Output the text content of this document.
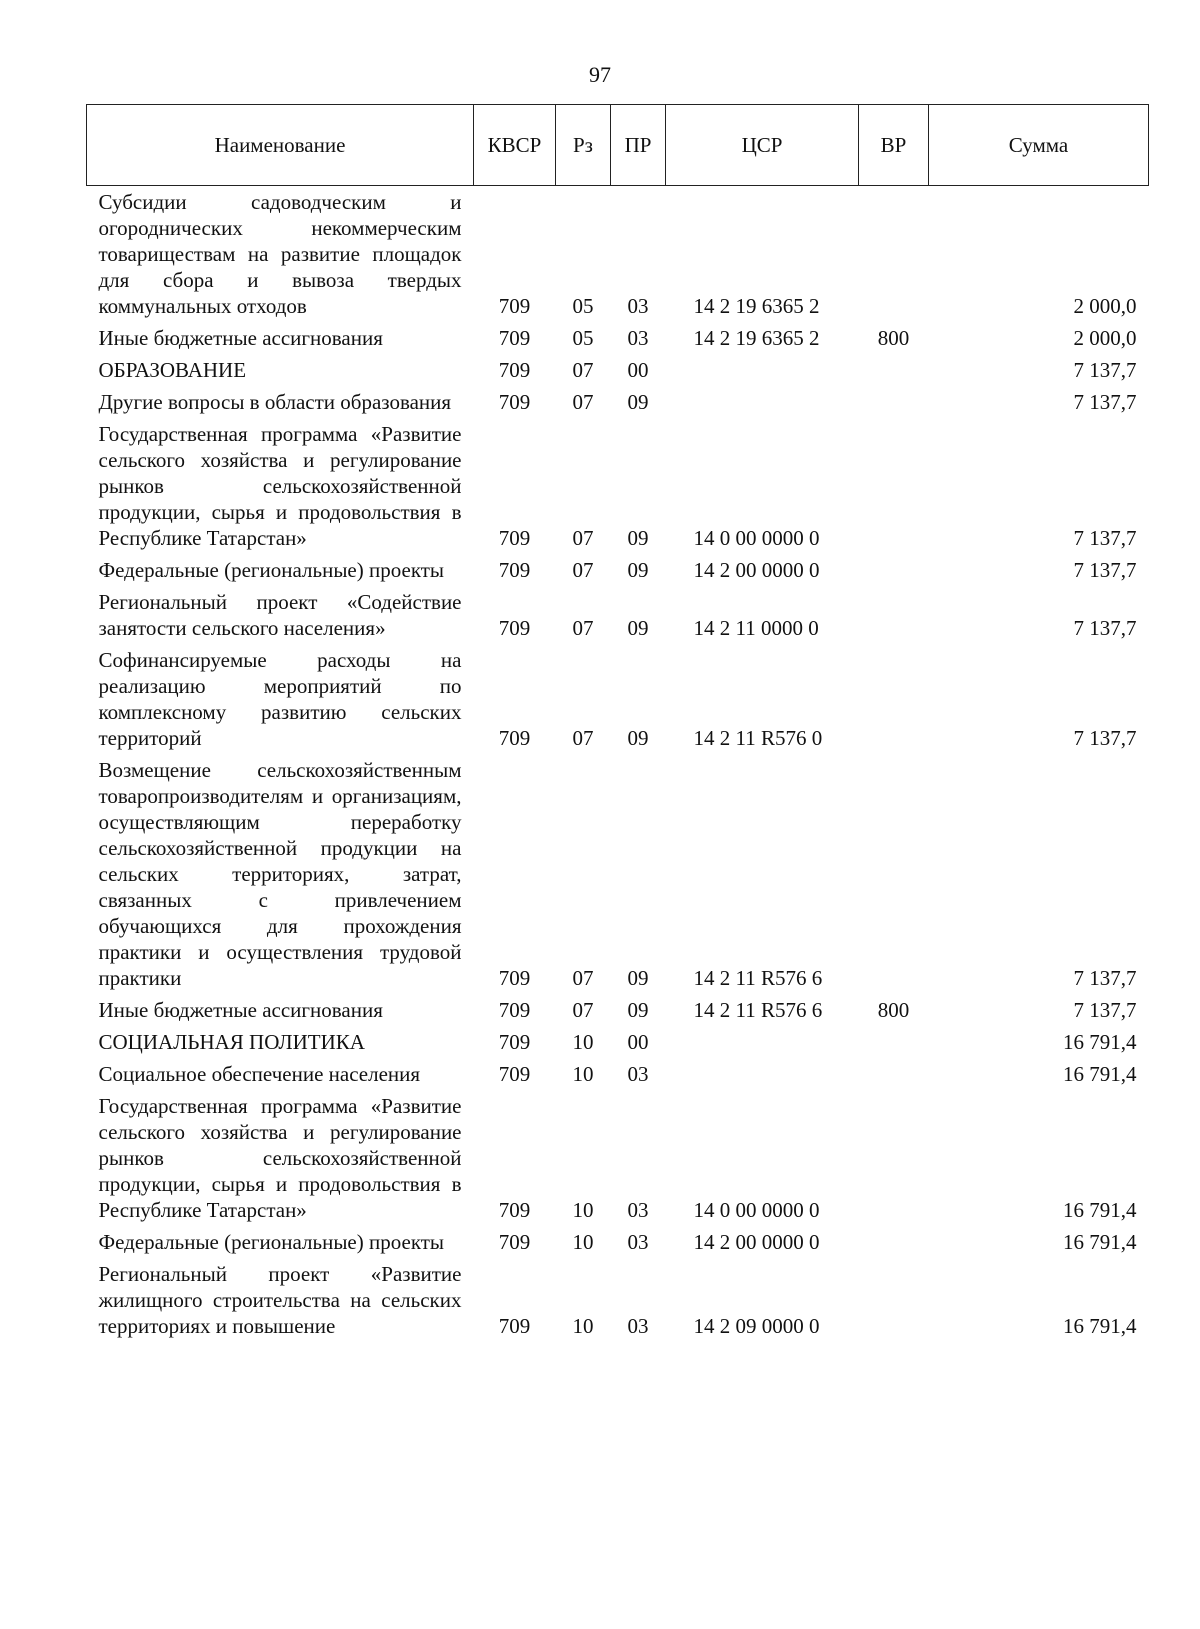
97
Наименование	КВСР	Рз	ПР	ЦСР	ВР	Сумма
Субсидии садоводческим и огороднических некоммерческим товариществам на развитие площадок для сбора и вывоза твердых коммунальных отходов	709	05	03	14 2 19 6365 2		2 000,0
Иные бюджетные ассигнования	709	05	03	14 2 19 6365 2	800	2 000,0
ОБРАЗОВАНИЕ	709	07	00			7 137,7
Другие вопросы в области образования	709	07	09			7 137,7
Государственная программа «Развитие сельского хозяйства и регулирование рынков сельскохозяйственной продукции, сырья и продовольствия в Республике Татарстан»	709	07	09	14 0 00 0000 0		7 137,7
Федеральные (региональные) проекты	709	07	09	14 2 00 0000 0		7 137,7
Региональный проект «Содействие занятости сельского населения»	709	07	09	14 2 11 0000 0		7 137,7
Софинансируемые расходы на реализацию мероприятий по комплексному развитию сельских территорий	709	07	09	14 2 11 R576 0		7 137,7
Возмещение сельскохозяйственным товаропроизводителям и организациям, осуществляющим переработку сельскохозяйственной продукции на сельских территориях, затрат, связанных с привлечением обучающихся для прохождения практики и осуществления трудовой практики	709	07	09	14 2 11 R576 6		7 137,7
Иные бюджетные ассигнования	709	07	09	14 2 11 R576 6	800	7 137,7
СОЦИАЛЬНАЯ ПОЛИТИКА	709	10	00			16 791,4
Социальное обеспечение населения	709	10	03			16 791,4
Государственная программа «Развитие сельского хозяйства и регулирование рынков сельскохозяйственной продукции, сырья и продовольствия в Республике Татарстан»	709	10	03	14 0 00 0000 0		16 791,4
Федеральные (региональные) проекты	709	10	03	14 2 00 0000 0		16 791,4
Региональный проект «Развитие жилищного строительства на сельских территориях и повышение	709	10	03	14 2 09 0000 0		16 791,4
